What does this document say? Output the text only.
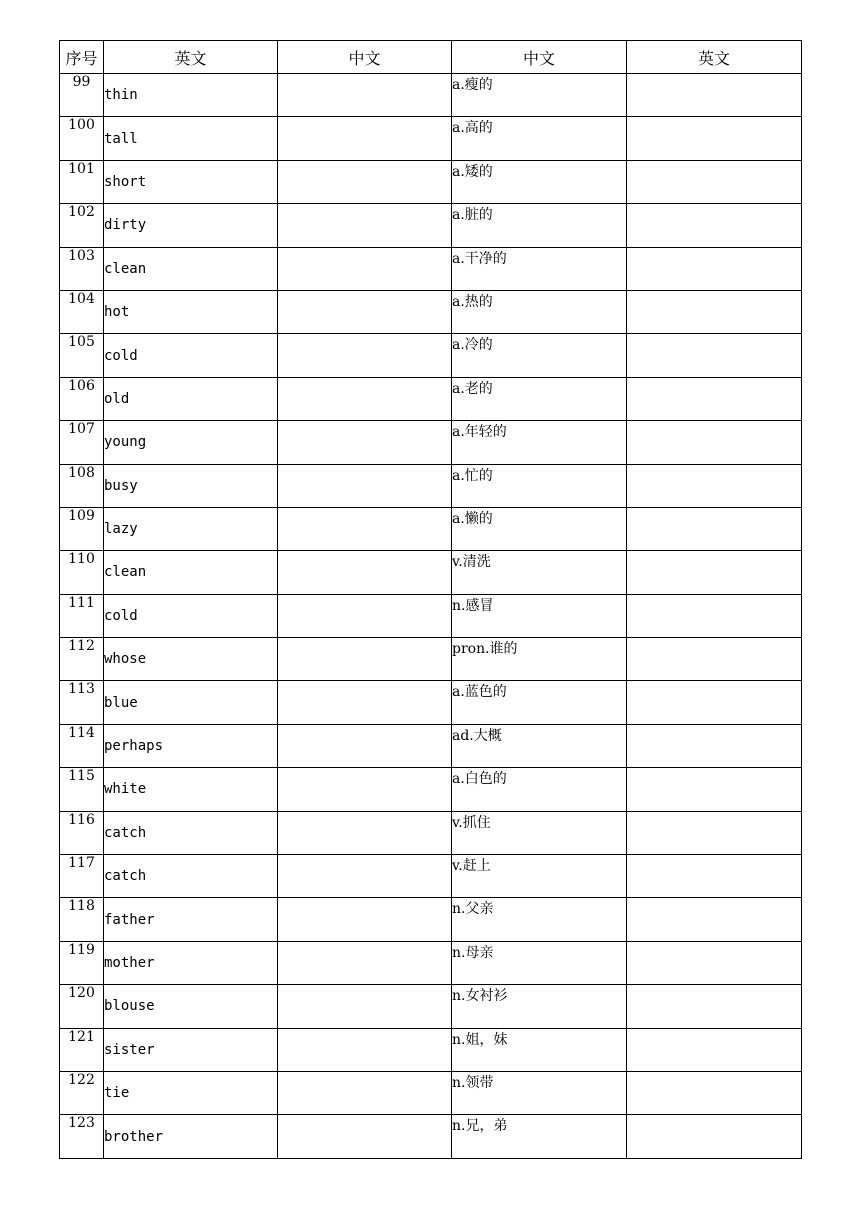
序号	英文	中文	中文	英文
99	thin		a.瘦的	
100	tall		a.高的	
101	short		a.矮的	
102	dirty		a.脏的	
103	clean		a.干净的	
104	hot		a.热的	
105	cold		a.冷的	
106	old		a.老的	
107	young		a.年轻的	
108	busy		a.忙的	
109	lazy		a.懒的	
110	clean		v.清洗	
111	cold		n.感冒	
112	whose		pron.谁的	
113	blue		a.蓝色的	
114	perhaps		ad.大概	
115	white		a.白色的	
116	catch		v.抓住	
117	catch		v.赶上	
118	father		n.父亲	
119	mother		n.母亲	
120	blouse		n.女衬衫	
121	sister		n.姐，妹	
122	tie		n.领带	
123	brother		n.兄，弟	
